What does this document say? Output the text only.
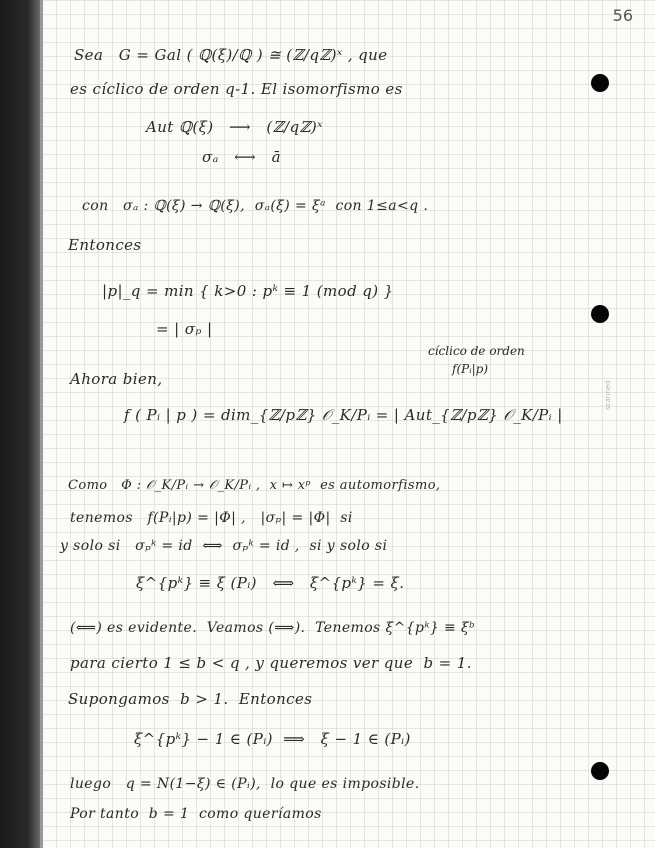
56
scanned
Sea   G = Gal ( ℚ(ξ)/ℚ ) ≅ (ℤ/qℤ)ˣ , que
es cíclico de orden q-1. El isomorfismo es
Aut ℚ(ξ)   ⟶   (ℤ/qℤ)ˣ
σₐ   ⟷   ā
con   σₐ : ℚ(ξ) → ℚ(ξ),  σₐ(ξ) = ξᵃ  con 1≤a<q .
Entonces
|p|_q = min { k>0 : pᵏ ≡ 1 (mod q) }
= | σₚ |
Ahora bien,
f ( Pᵢ | p ) = dim_{ℤ/pℤ} 𝒪_K/Pᵢ = | Aut_{ℤ/pℤ} 𝒪_K/Pᵢ |
Como   Φ : 𝒪_K/Pᵢ → 𝒪_K/Pᵢ ,  x ↦ xᵖ  es automorfismo,
tenemos   f(Pᵢ|p) = |Φ| ,   |σₚ| = |Φ|  si
y solo si   σₚᵏ = id  ⟺  σₚᵏ = id ,  si y solo si
ξ^{pᵏ} ≡ ξ (Pᵢ)   ⟺   ξ^{pᵏ} = ξ.
(⟸) es evidente.  Veamos (⟹).  Tenemos ξ^{pᵏ} ≡ ξᵇ
para cierto 1 ≤ b < q , y queremos ver que  b = 1.
Supongamos  b > 1.  Entonces
ξ^{pᵏ} − 1 ∈ (Pᵢ)  ⟹   ξ − 1 ∈ (Pᵢ)
luego   q = N(1−ξ) ∈ (Pᵢ),  lo que es imposible.
Por tanto  b = 1  como queríamos
cíclico de orden
f(Pᵢ|p)
